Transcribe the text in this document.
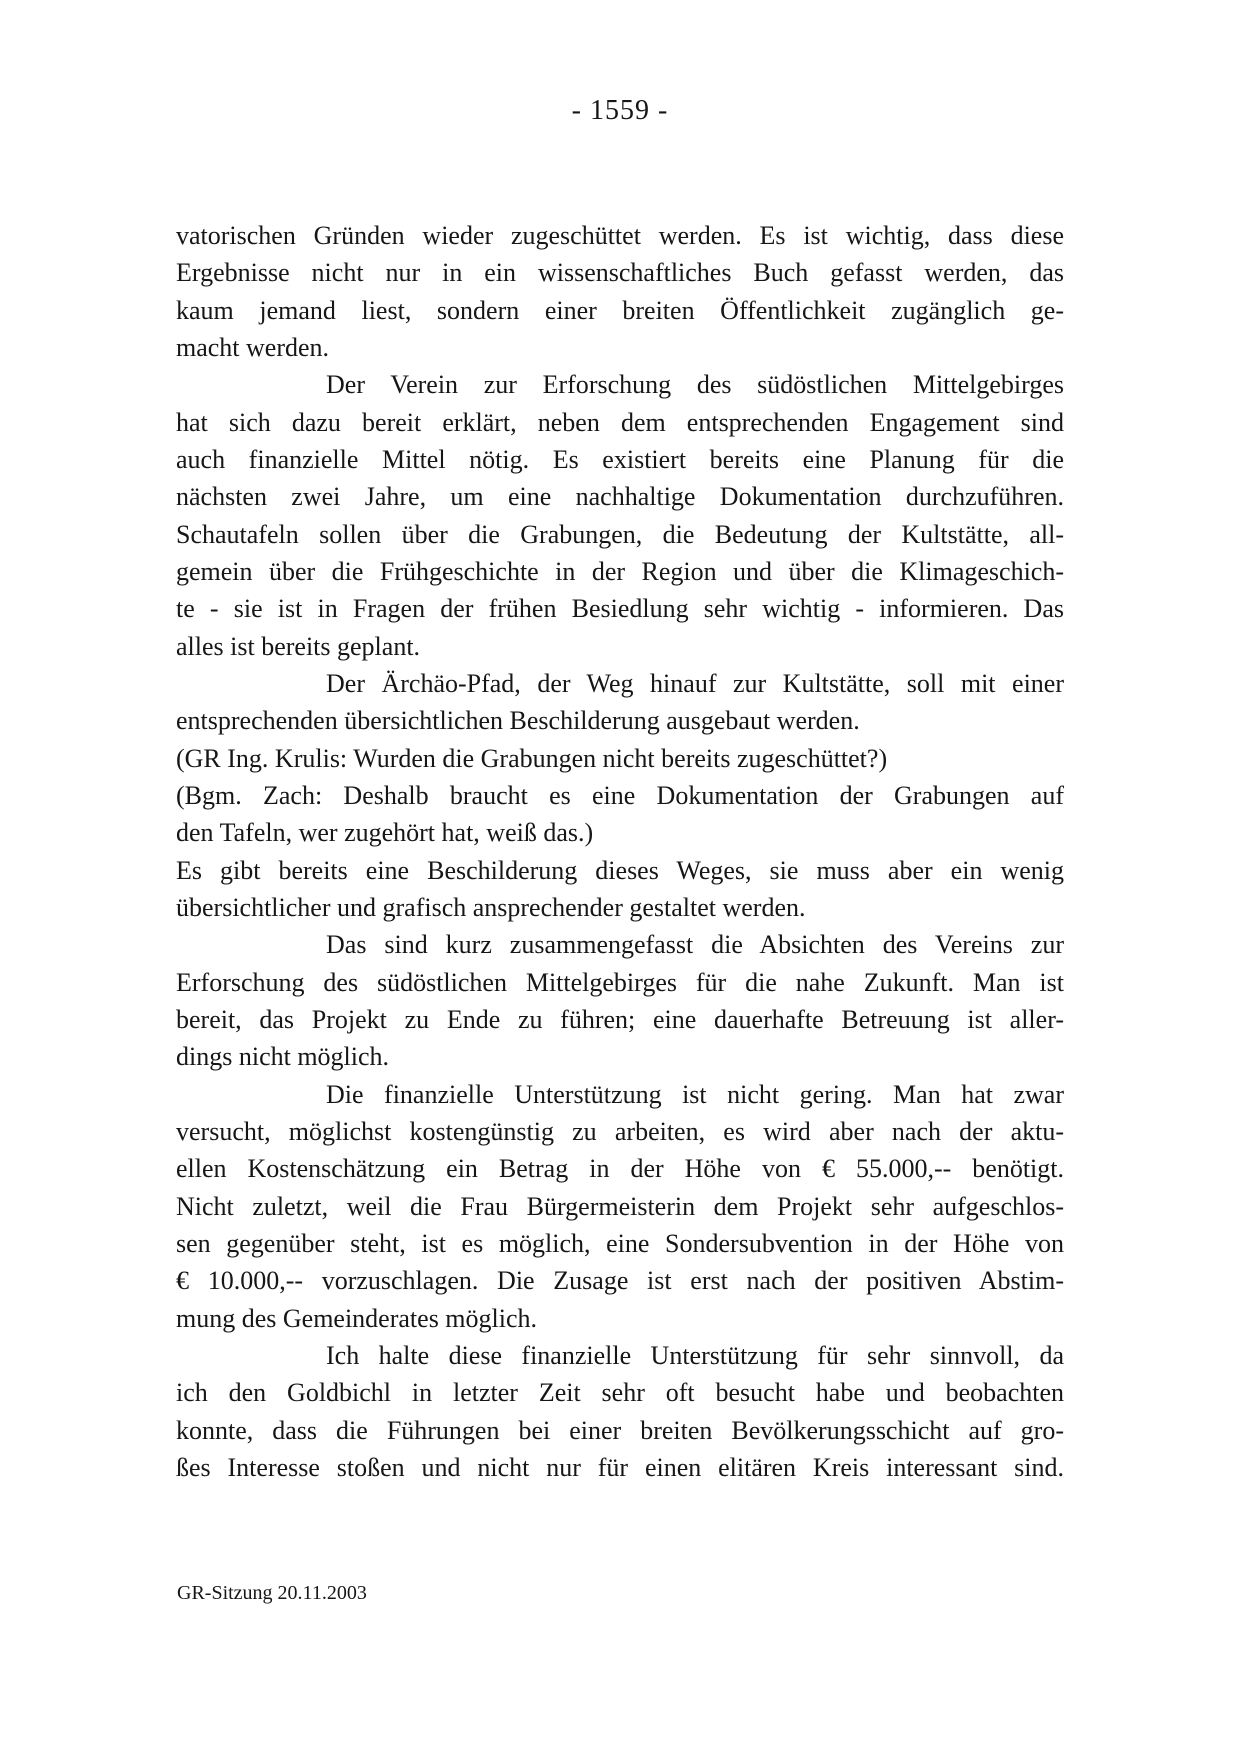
- 1559 -
vatorischen Gründen wieder zugeschüttet werden. Es ist wichtig, dass diese
Ergebnisse nicht nur in ein wissenschaftliches Buch gefasst werden, das
kaum jemand liest, sondern einer breiten Öffentlichkeit zugänglich ge-
macht werden.
Der Verein zur Erforschung des südöstlichen Mittelgebirges
hat sich dazu bereit erklärt, neben dem entsprechenden Engagement sind
auch finanzielle Mittel nötig. Es existiert bereits eine Planung für die
nächsten zwei Jahre, um eine nachhaltige Dokumentation durchzuführen.
Schautafeln sollen über die Grabungen, die Bedeutung der Kultstätte, all-
gemein über die Frühgeschichte in der Region und über die Klimageschich-
te - sie ist in Fragen der frühen Besiedlung sehr wichtig - informieren. Das
alles ist bereits geplant.
Der Ärchäo-Pfad, der Weg hinauf zur Kultstätte, soll mit einer
entsprechenden übersichtlichen Beschilderung ausgebaut werden.
(GR Ing. Krulis: Wurden die Grabungen nicht bereits zugeschüttet?)
(Bgm. Zach: Deshalb braucht es eine Dokumentation der Grabungen auf
den Tafeln, wer zugehört hat, weiß das.)
Es gibt bereits eine Beschilderung dieses Weges, sie muss aber ein wenig
übersichtlicher und grafisch ansprechender gestaltet werden.
Das sind kurz zusammengefasst die Absichten des Vereins zur
Erforschung des südöstlichen Mittelgebirges für die nahe Zukunft. Man ist
bereit, das Projekt zu Ende zu führen; eine dauerhafte Betreuung ist aller-
dings nicht möglich.
Die finanzielle Unterstützung ist nicht gering. Man hat zwar
versucht, möglichst kostengünstig zu arbeiten, es wird aber nach der aktu-
ellen Kostenschätzung ein Betrag in der Höhe von € 55.000,-- benötigt.
Nicht zuletzt, weil die Frau Bürgermeisterin dem Projekt sehr aufgeschlos-
sen gegenüber steht, ist es möglich, eine Sondersubvention in der Höhe von
€ 10.000,-- vorzuschlagen. Die Zusage ist erst nach der positiven Abstim-
mung des Gemeinderates möglich.
Ich halte diese finanzielle Unterstützung für sehr sinnvoll, da
ich den Goldbichl in letzter Zeit sehr oft besucht habe und beobachten
konnte, dass die Führungen bei einer breiten Bevölkerungsschicht auf gro-
ßes Interesse stoßen und nicht nur für einen elitären Kreis interessant sind.
GR-Sitzung 20.11.2003
